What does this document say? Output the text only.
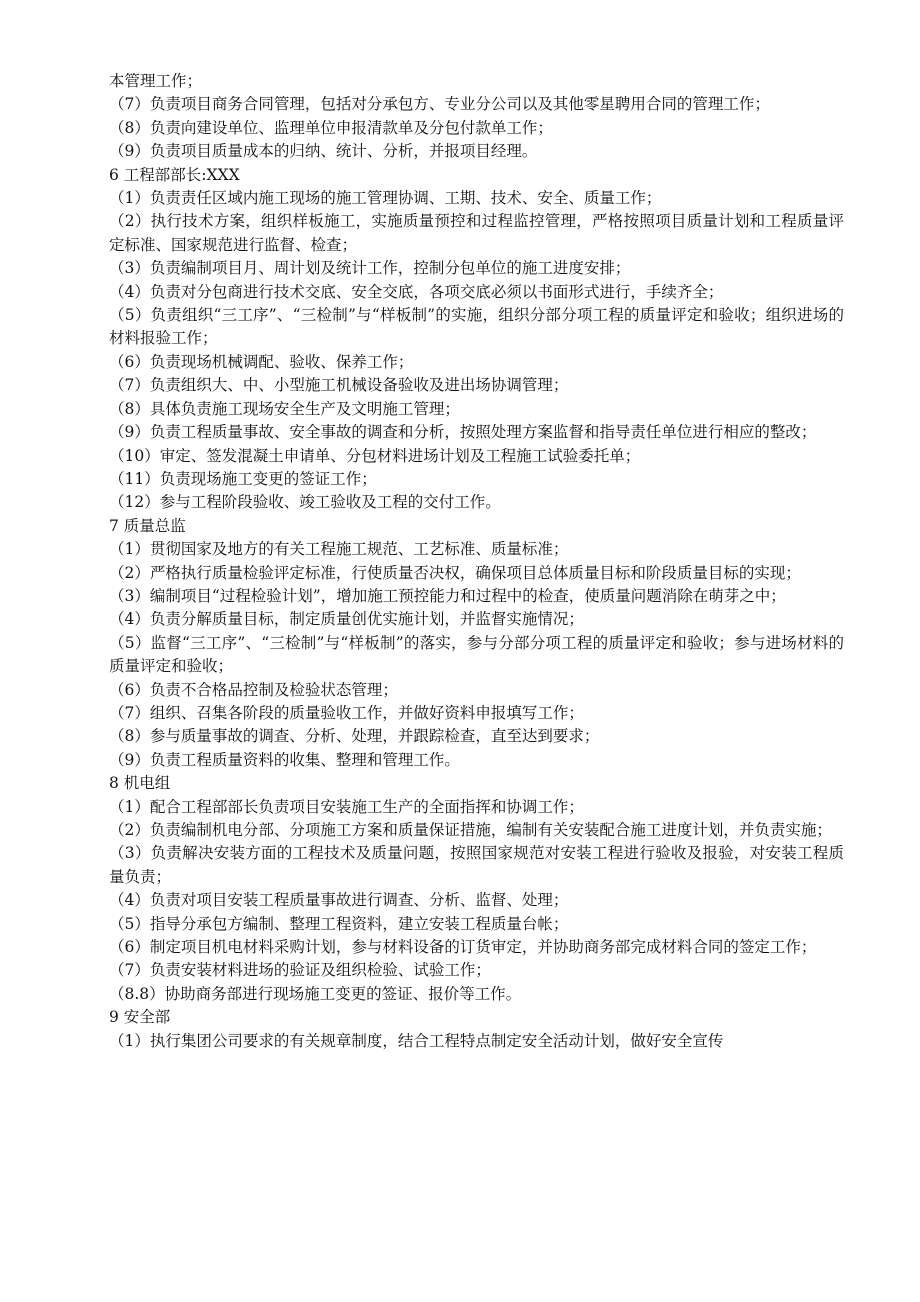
本管理工作；
（7）负责项目商务合同管理，包括对分承包方、专业分公司以及其他零星聘用合同的管理工作；
（8）负责向建设单位、监理单位申报清款单及分包付款单工作；
（9）负责项目质量成本的归纳、统计、分析，并报项目经理。
6 工程部部长:XXX
（1）负责责任区域内施工现场的施工管理协调、工期、技术、安全、质量工作；
（2）执行技术方案，组织样板施工，实施质量预控和过程监控管理，严格按照项目质量计划和工程质量评定标准、国家规范进行监督、检查；
（3）负责编制项目月、周计划及统计工作，控制分包单位的施工进度安排；
（4）负责对分包商进行技术交底、安全交底，各项交底必须以书面形式进行，手续齐全；
（5）负责组织“三工序”、“三检制”与“样板制”的实施，组织分部分项工程的质量评定和验收；组织进场的材料报验工作；
（6）负责现场机械调配、验收、保养工作；
（7）负责组织大、中、小型施工机械设备验收及进出场协调管理；
（8）具体负责施工现场安全生产及文明施工管理；
（9）负责工程质量事故、安全事故的调查和分析，按照处理方案监督和指导责任单位进行相应的整改；
（10）审定、签发混凝土申请单、分包材料进场计划及工程施工试验委托单；
（11）负责现场施工变更的签证工作；
（12）参与工程阶段验收、竣工验收及工程的交付工作。
7 质量总监
（1）贯彻国家及地方的有关工程施工规范、工艺标准、质量标准；
（2）严格执行质量检验评定标准，行使质量否决权，确保项目总体质量目标和阶段质量目标的实现；
（3）编制项目“过程检验计划”，增加施工预控能力和过程中的检查，使质量问题消除在萌芽之中；
（4）负责分解质量目标，制定质量创优实施计划，并监督实施情况；
（5）监督“三工序”、“三检制”与“样板制”的落实，参与分部分项工程的质量评定和验收；参与进场材料的质量评定和验收；
（6）负责不合格品控制及检验状态管理；
（7）组织、召集各阶段的质量验收工作，并做好资料申报填写工作；
（8）参与质量事故的调查、分析、处理，并跟踪检查，直至达到要求；
（9）负责工程质量资料的收集、整理和管理工作。
8 机电组
（1）配合工程部部长负责项目安装施工生产的全面指挥和协调工作；
（2）负责编制机电分部、分项施工方案和质量保证措施，编制有关安装配合施工进度计划，并负责实施；
（3）负责解决安装方面的工程技术及质量问题，按照国家规范对安装工程进行验收及报验，对安装工程质量负责；
（4）负责对项目安装工程质量事故进行调查、分析、监督、处理；
（5）指导分承包方编制、整理工程资料，建立安装工程质量台帐；
（6）制定项目机电材料采购计划，参与材料设备的订货审定，并协助商务部完成材料合同的签定工作；
（7）负责安装材料进场的验证及组织检验、试验工作；
（8.8）协助商务部进行现场施工变更的签证、报价等工作。
9 安全部
（1）执行集团公司要求的有关规章制度，结合工程特点制定安全活动计划，做好安全宣传
